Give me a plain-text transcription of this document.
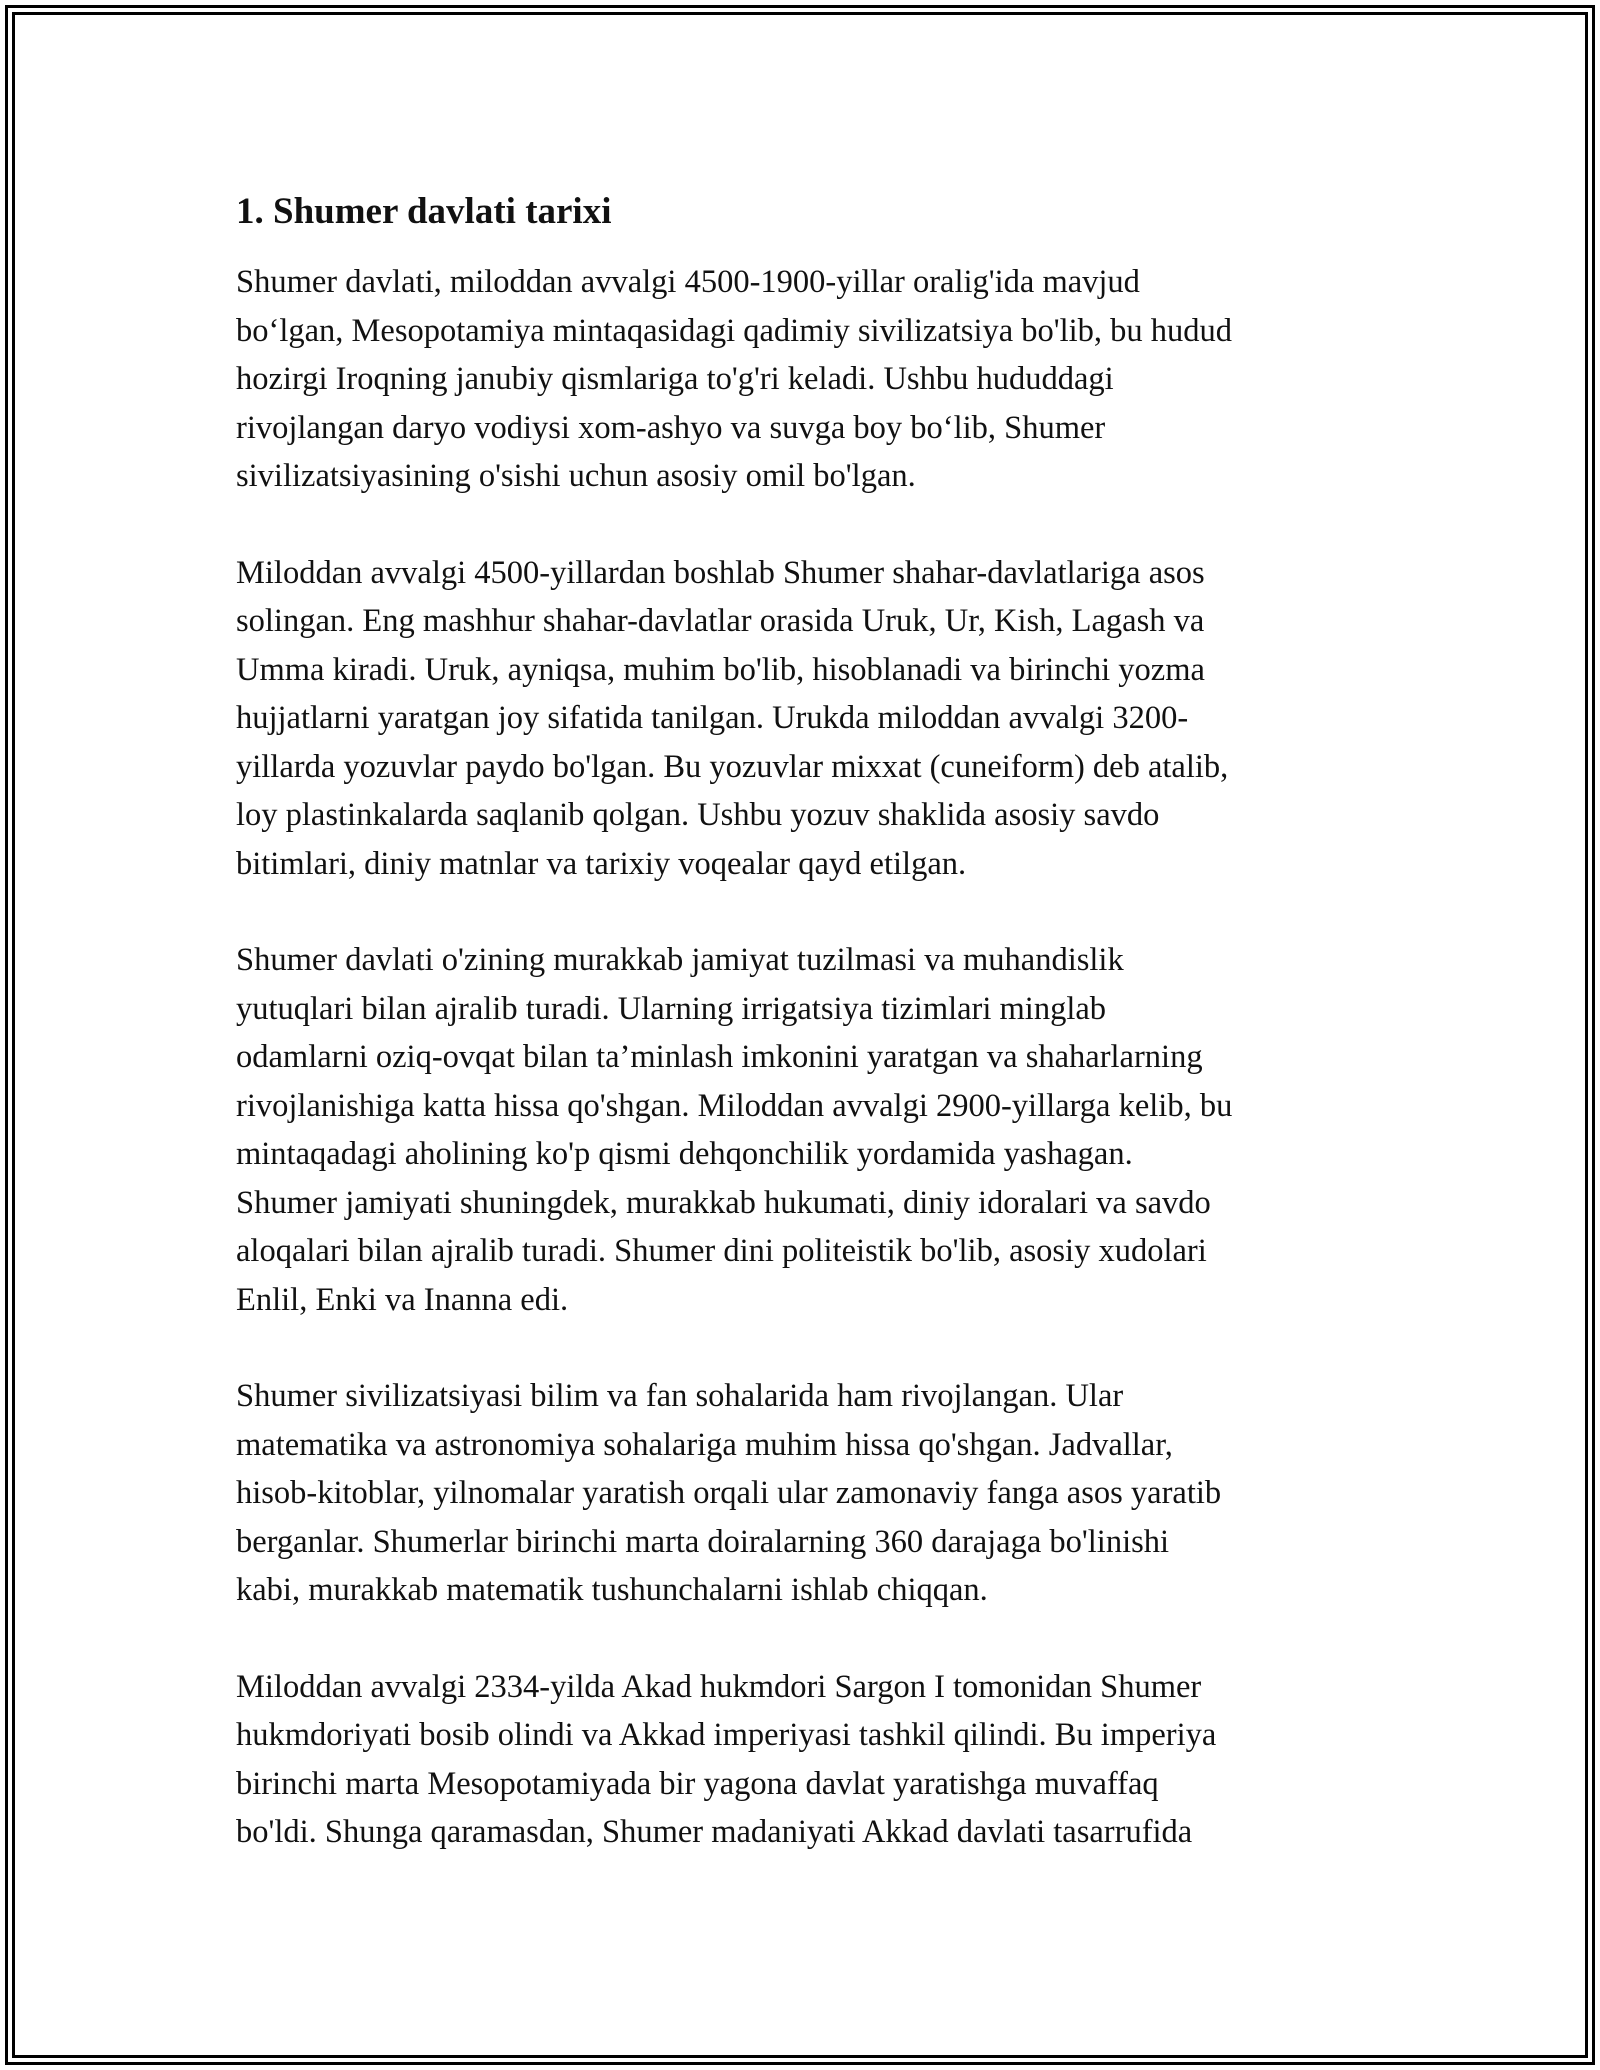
1. Shumer davlati tarixi

Shumer davlati, miloddan avvalgi 4500-1900-yillar oralig'ida mavjud
bo‘lgan, Mesopotamiya mintaqasidagi qadimiy sivilizatsiya bo'lib, bu hudud
hozirgi Iroqning janubiy qismlariga to'g'ri keladi. Ushbu hududdagi
rivojlangan daryo vodiysi xom-ashyo va suvga boy bo‘lib, Shumer
sivilizatsiyasining o'sishi uchun asosiy omil bo'lgan.

Miloddan avvalgi 4500-yillardan boshlab Shumer shahar-davlatlariga asos
solingan. Eng mashhur shahar-davlatlar orasida Uruk, Ur, Kish, Lagash va
Umma kiradi. Uruk, ayniqsa, muhim bo'lib, hisoblanadi va birinchi yozma
hujjatlarni yaratgan joy sifatida tanilgan. Urukda miloddan avvalgi 3200-
yillarda yozuvlar paydo bo'lgan. Bu yozuvlar mixxat (cuneiform) deb atalib,
loy plastinkalarda saqlanib qolgan. Ushbu yozuv shaklida asosiy savdo
bitimlari, diniy matnlar va tarixiy voqealar qayd etilgan.

Shumer davlati o'zining murakkab jamiyat tuzilmasi va muhandislik
yutuqlari bilan ajralib turadi. Ularning irrigatsiya tizimlari minglab
odamlarni oziq-ovqat bilan ta’minlash imkonini yaratgan va shaharlarning
rivojlanishiga katta hissa qo'shgan. Miloddan avvalgi 2900-yillarga kelib, bu
mintaqadagi aholining ko'p qismi dehqonchilik yordamida yashagan.
Shumer jamiyati shuningdek, murakkab hukumati, diniy idoralari va savdo
aloqalari bilan ajralib turadi. Shumer dini politeistik bo'lib, asosiy xudolari
Enlil, Enki va Inanna edi.

Shumer sivilizatsiyasi bilim va fan sohalarida ham rivojlangan. Ular
matematika va astronomiya sohalariga muhim hissa qo'shgan. Jadvallar,
hisob-kitoblar, yilnomalar yaratish orqali ular zamonaviy fanga asos yaratib
berganlar. Shumerlar birinchi marta doiralarning 360 darajaga bo'linishi
kabi, murakkab matematik tushunchalarni ishlab chiqqan.

Miloddan avvalgi 2334-yilda Akad hukmdori Sargon I tomonidan Shumer
hukmdoriyati bosib olindi va Akkad imperiyasi tashkil qilindi. Bu imperiya
birinchi marta Mesopotamiyada bir yagona davlat yaratishga muvaffaq
bo'ldi. Shunga qaramasdan, Shumer madaniyati Akkad davlati tasarrufida
